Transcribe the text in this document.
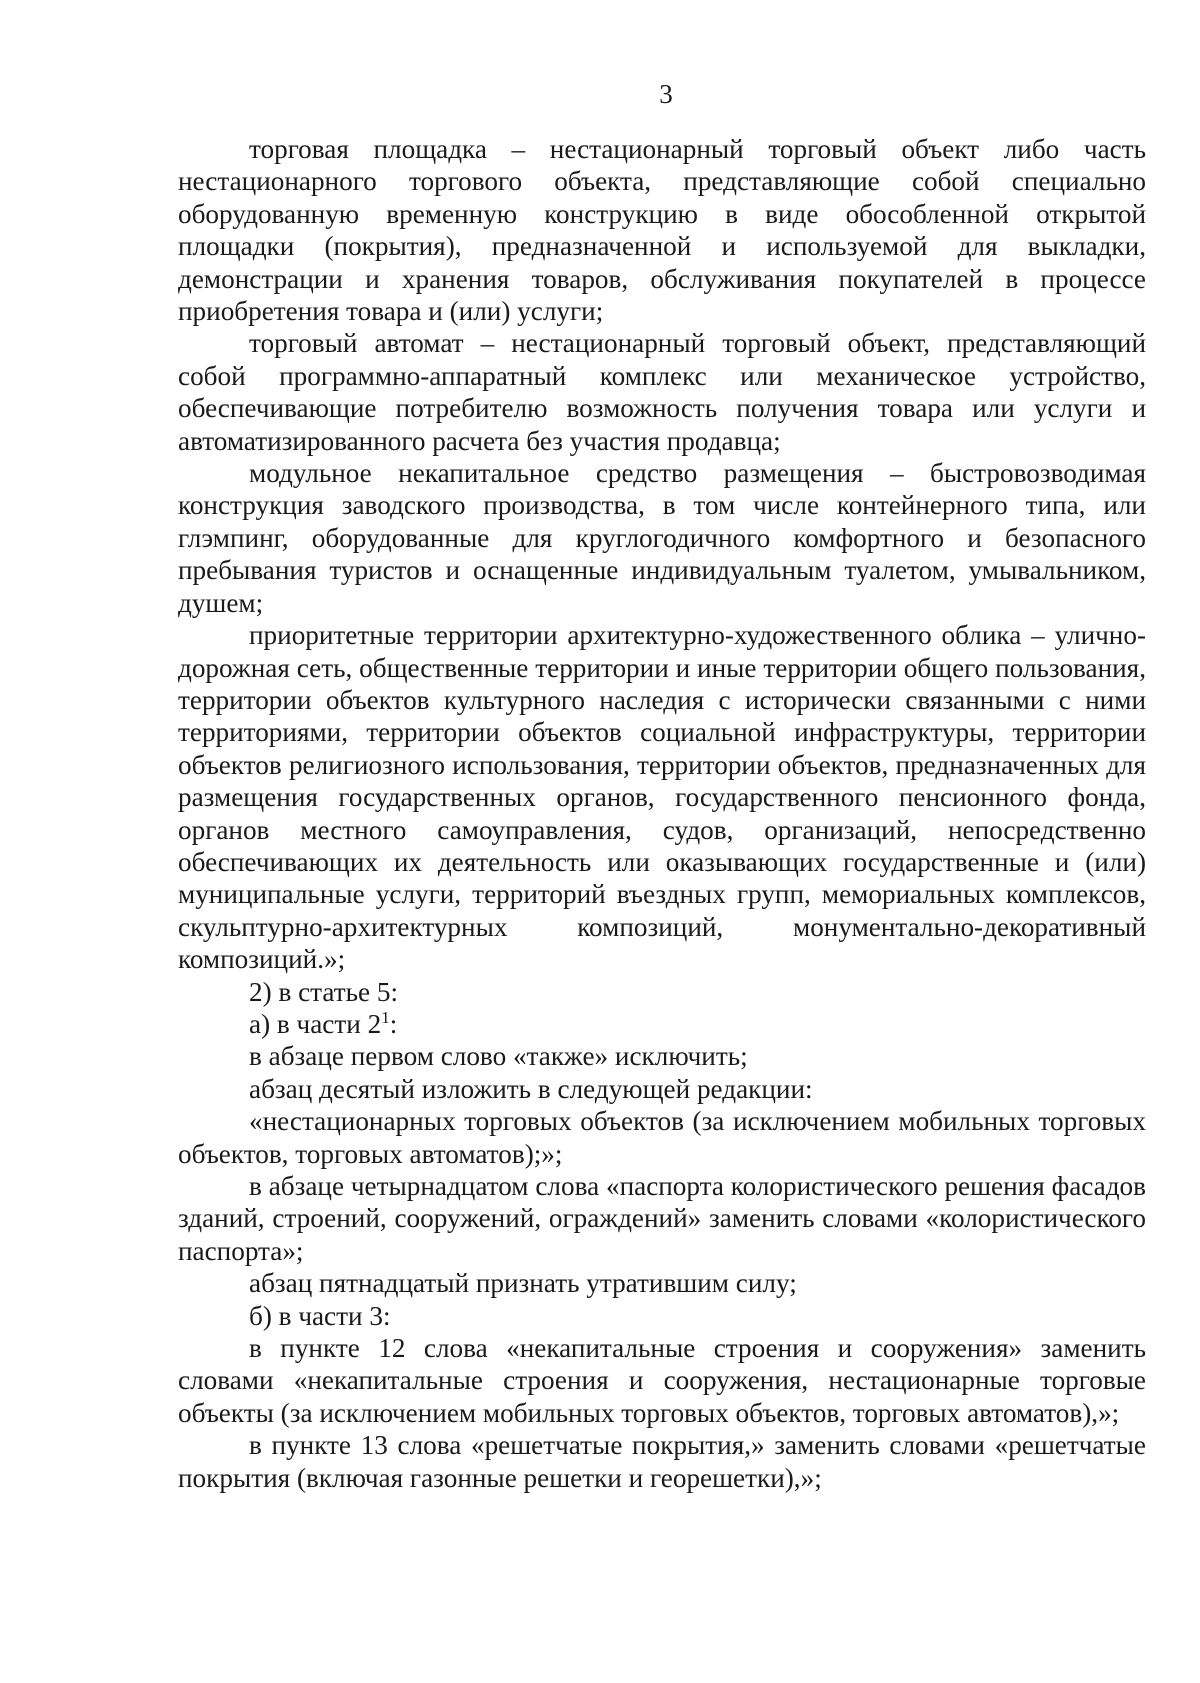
3

торговая площадка – нестационарный торговый объект либо часть нестационарного торгового объекта, представляющие собой специально оборудованную временную конструкцию в виде обособленной открытой площадки (покрытия), предназначенной и используемой для выкладки, демонстрации и хранения товаров, обслуживания покупателей в процессе приобретения товара и (или) услуги;

торговый автомат – нестационарный торговый объект, представляющий собой программно-аппаратный комплекс или механическое устройство, обеспечивающие потребителю возможность получения товара или услуги и автоматизированного расчета без участия продавца;

модульное некапитальное средство размещения – быстровозводимая конструкция заводского производства, в том числе контейнерного типа, или глэмпинг, оборудованные для круглогодичного комфортного и безопасного пребывания туристов и оснащенные индивидуальным туалетом, умывальником, душем;

приоритетные территории архитектурно-художественного облика – улично-дорожная сеть, общественные территории и иные территории общего пользования, территории объектов культурного наследия с исторически связанными с ними территориями, территории объектов социальной инфраструктуры, территории объектов религиозного использования, территории объектов, предназначенных для размещения государственных органов, государственного пенсионного фонда, органов местного самоуправления, судов, организаций, непосредственно обеспечивающих их деятельность или оказывающих государственные и (или) муниципальные услуги, территорий въездных групп, мемориальных комплексов, скульптурно-архитектурных композиций, монументально-декоративный композиций.»;

2) в статье 5:

а) в части $2^1$:

в абзаце первом слово «также» исключить;

абзац десятый изложить в следующей редакции:

«нестационарных торговых объектов (за исключением мобильных торговых объектов, торговых автоматов);»;

в абзаце четырнадцатом слова «паспорта колористического решения фасадов зданий, строений, сооружений, ограждений» заменить словами «колористического паспорта»;

абзац пятнадцатый признать утратившим силу;

б) в части 3:

в пункте 12 слова «некапитальные строения и сооружения» заменить словами «некапитальные строения и сооружения, нестационарные торговые объекты (за исключением мобильных торговых объектов, торговых автоматов),»;

в пункте 13 слова «решетчатые покрытия,» заменить словами «решетчатые покрытия (включая газонные решетки и георешетки),»;
